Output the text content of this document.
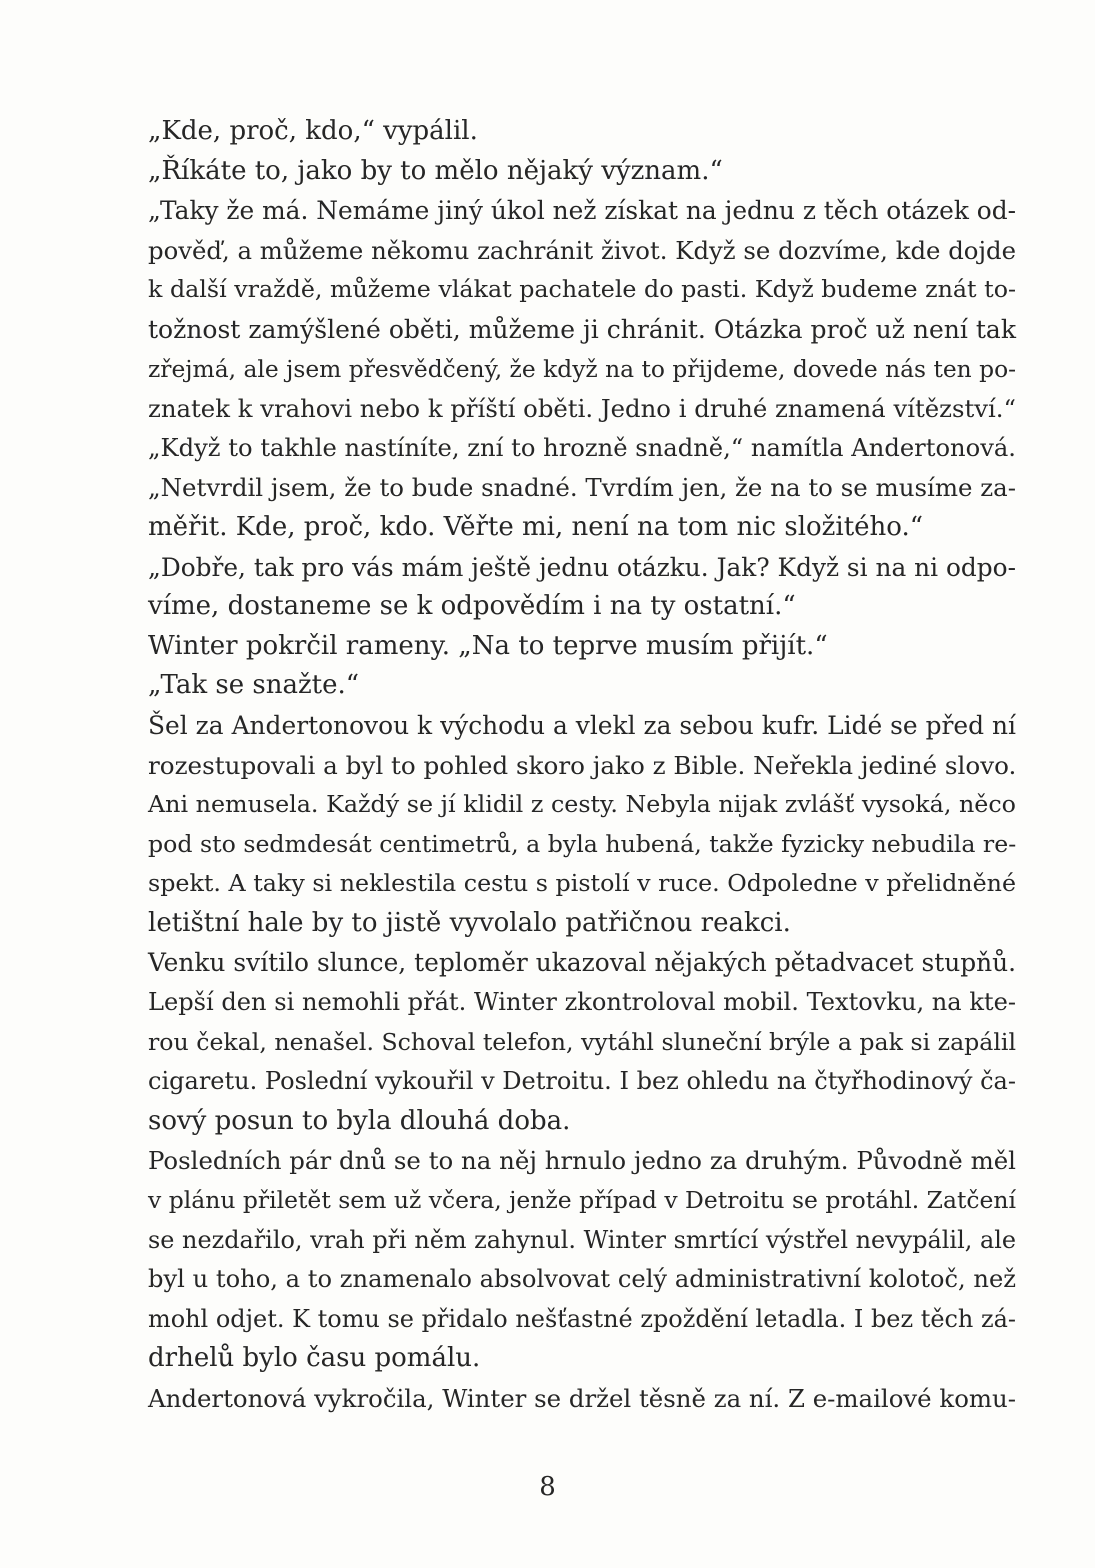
„Kde, proč, kdo,“ vypálil.
„Říkáte to, jako by to mělo nějaký význam.“
„Taky že má. Nemáme jiný úkol než získat na jednu z těch otázek od-
pověď, a můžeme někomu zachránit život. Když se dozvíme, kde dojde
k další vraždě, můžeme vlákat pachatele do pasti. Když budeme znát to-
tožnost zamýšlené oběti, můžeme ji chránit. Otázka proč už není tak
zřejmá, ale jsem přesvědčený, že když na to přijdeme, dovede nás ten po-
znatek k vrahovi nebo k příští oběti. Jedno i druhé znamená vítězství.“
„Když to takhle nastíníte, zní to hrozně snadně,“ namítla Andertonová.
„Netvrdil jsem, že to bude snadné. Tvrdím jen, že na to se musíme za-
měřit. Kde, proč, kdo. Věřte mi, není na tom nic složitého.“
„Dobře, tak pro vás mám ještě jednu otázku. Jak? Když si na ni odpo-
víme, dostaneme se k odpovědím i na ty ostatní.“
Winter pokrčil rameny. „Na to teprve musím přijít.“
„Tak se snažte.“
Šel za Andertonovou k východu a vlekl za sebou kufr. Lidé se před ní
rozestupovali a byl to pohled skoro jako z Bible. Neřekla jediné slovo.
Ani nemusela. Každý se jí klidil z cesty. Nebyla nijak zvlášť vysoká, něco
pod sto sedmdesát centimetrů, a byla hubená, takže fyzicky nebudila re-
spekt. A taky si neklestila cestu s pistolí v ruce. Odpoledne v přelidněné
letištní hale by to jistě vyvolalo patřičnou reakci.
Venku svítilo slunce, teploměr ukazoval nějakých pětadvacet stupňů.
Lepší den si nemohli přát. Winter zkontroloval mobil. Textovku, na kte-
rou čekal, nenašel. Schoval telefon, vytáhl sluneční brýle a pak si zapálil
cigaretu. Poslední vykouřil v Detroitu. I bez ohledu na čtyřhodinový ča-
sový posun to byla dlouhá doba.
Posledních pár dnů se to na něj hrnulo jedno za druhým. Původně měl
v plánu přiletět sem už včera, jenže případ v Detroitu se protáhl. Zatčení
se nezdařilo, vrah při něm zahynul. Winter smrtící výstřel nevypálil, ale
byl u toho, a to znamenalo absolvovat celý administrativní kolotoč, než
mohl odjet. K tomu se přidalo nešťastné zpoždění letadla. I bez těch zá-
drhelů bylo času pomálu.
Andertonová vykročila, Winter se držel těsně za ní. Z e-mailové komu-
8
